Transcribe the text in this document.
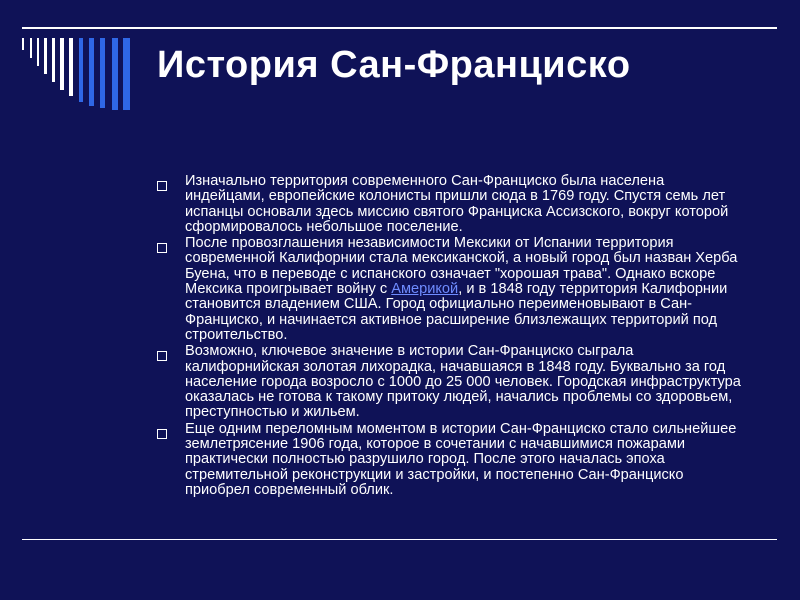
История Сан-Франциско
Изначально территория современного Сан-Франциско была населена индейцами, европейские колонисты пришли сюда в 1769 году. Спустя семь лет испанцы основали здесь миссию святого Франциска Ассизского, вокруг которой сформировалось небольшое поселение.
После провозглашения независимости Мексики от Испании территория современной Калифорнии стала мексиканской, а новый город был назван Херба Буена, что в переводе с испанского означает "хорошая трава". Однако вскоре Мексика проигрывает войну с Америкой, и в 1848 году территория Калифорнии становится владением США. Город официально переименовывают в Сан-Франциско, и начинается активное расширение близлежащих территорий под строительство.
Возможно, ключевое значение в истории Сан-Франциско сыграла калифорнийская золотая лихорадка, начавшаяся в 1848 году. Буквально за год население города возросло с 1000 до 25 000 человек. Городская инфраструктура оказалась не готова к такому притоку людей, начались проблемы со здоровьем, преступностью и жильем.
Еще одним переломным моментом в истории Сан-Франциско стало сильнейшее землетрясение 1906 года, которое в сочетании с начавшимися пожарами практически полностью разрушило город. После этого началась эпоха стремительной реконструкции и застройки, и постепенно Сан-Франциско приобрел современный облик.
